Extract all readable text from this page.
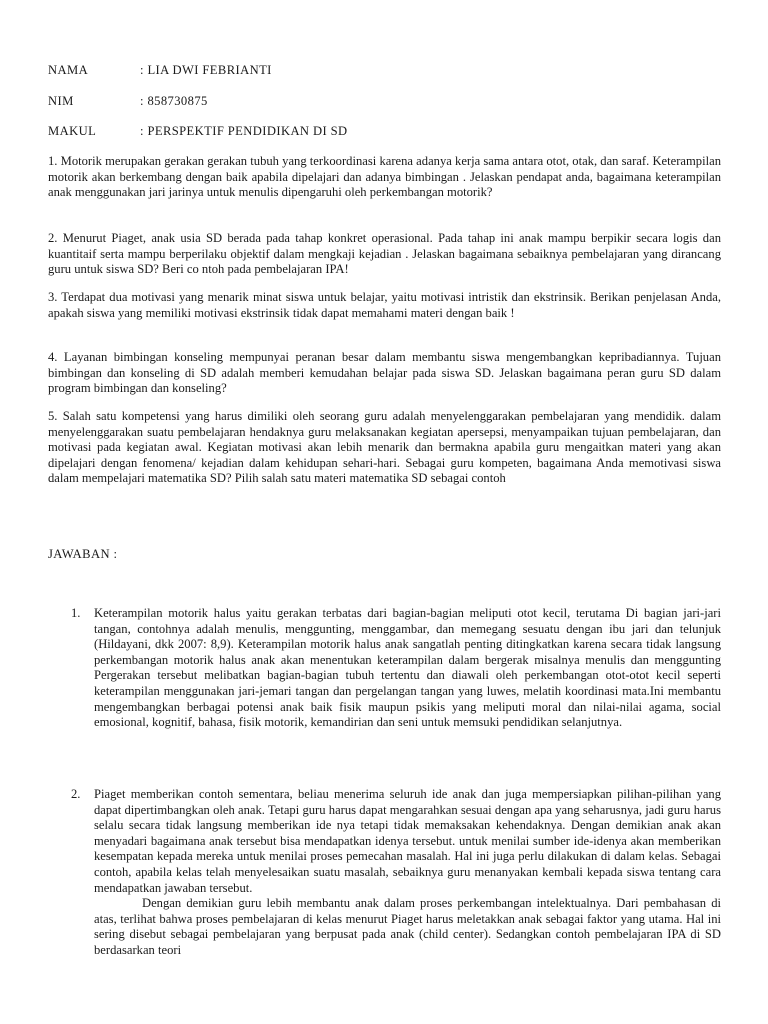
NAMA	: LIA DWI FEBRIANTI
NIM	: 858730875
MAKUL	: PERSPEKTIF PENDIDIKAN DI SD
1. Motorik merupakan gerakan gerakan tubuh yang terkoordinasi karena adanya kerja sama antara otot, otak, dan saraf. Keterampilan motorik akan berkembang dengan baik apabila dipelajari dan adanya bimbingan . Jelaskan pendapat anda, bagaimana keterampilan anak menggunakan jari jarinya untuk menulis dipengaruhi oleh perkembangan motorik?
2. Menurut Piaget, anak usia SD berada pada tahap konkret operasional. Pada tahap ini anak mampu berpikir secara logis dan kuantitaif serta mampu berperilaku objektif dalam mengkaji kejadian . Jelaskan bagaimana sebaiknya pembelajaran yang dirancang guru untuk siswa SD? Beri co ntoh pada pembelajaran IPA!
3. Terdapat dua motivasi yang menarik minat siswa untuk belajar, yaitu motivasi intristik dan ekstrinsik. Berikan penjelasan Anda, apakah siswa yang memiliki motivasi ekstrinsik tidak dapat memahami materi dengan baik !
4. Layanan bimbingan konseling mempunyai peranan besar dalam membantu siswa mengembangkan kepribadiannya. Tujuan bimbingan dan konseling di SD adalah memberi kemudahan belajar pada siswa SD. Jelaskan bagaimana peran guru SD dalam program bimbingan dan konseling?
5. Salah satu kompetensi yang harus dimiliki oleh seorang guru adalah menyelenggarakan pembelajaran yang mendidik. dalam menyelenggarakan suatu pembelajaran hendaknya guru melaksanakan kegiatan apersepsi, menyampaikan tujuan pembelajaran, dan motivasi pada kegiatan awal. Kegiatan motivasi akan lebih menarik dan bermakna apabila guru mengaitkan materi yang akan dipelajari dengan fenomena/ kejadian dalam kehidupan sehari-hari. Sebagai guru kompeten, bagaimana Anda memotivasi siswa dalam mempelajari matematika SD? Pilih salah satu materi matematika SD sebagai contoh
JAWABAN :
1. Keterampilan motorik halus yaitu gerakan terbatas dari bagian-bagian meliputi otot kecil, terutama Di bagian jari-jari tangan, contohnya adalah menulis, menggunting, menggambar, dan memegang sesuatu dengan ibu jari dan telunjuk (Hildayani, dkk 2007: 8,9). Keterampilan motorik halus anak sangatlah penting ditingkatkan karena secara tidak langsung perkembangan motorik halus anak akan menentukan keterampilan dalam bergerak misalnya menulis dan menggunting Pergerakan tersebut melibatkan bagian-bagian tubuh tertentu dan diawali oleh perkembangan otot-otot kecil seperti keterampilan menggunakan jari-jemari tangan dan pergelangan tangan yang luwes, melatih koordinasi mata.Ini membantu mengembangkan berbagai potensi anak baik fisik maupun psikis yang meliputi moral dan nilai-nilai agama, social emosional, kognitif, bahasa, fisik motorik, kemandirian dan seni untuk memsuki pendidikan selanjutnya.
2. Piaget memberikan contoh sementara, beliau menerima seluruh ide anak dan juga mempersiapkan pilihan-pilihan yang dapat dipertimbangkan oleh anak. Tetapi guru harus dapat mengarahkan sesuai dengan apa yang seharusnya, jadi guru harus selalu secara tidak langsung memberikan ide nya tetapi tidak memaksakan kehendaknya. Dengan demikian anak akan menyadari bagaimana anak tersebut bisa mendapatkan idenya tersebut. untuk menilai sumber ide-idenya akan memberikan kesempatan kepada mereka untuk menilai proses pemecahan masalah. Hal ini juga perlu dilakukan di dalam kelas. Sebagai contoh, apabila kelas telah menyelesaikan suatu masalah, sebaiknya guru menanyakan kembali kepada siswa tentang cara mendapatkan jawaban tersebut.
Dengan demikian guru lebih membantu anak dalam proses perkembangan intelektualnya. Dari pembahasan di atas, terlihat bahwa proses pembelajaran di kelas menurut Piaget harus meletakkan anak sebagai faktor yang utama. Hal ini sering disebut sebagai pembelajaran yang berpusat pada anak (child center). Sedangkan contoh pembelajaran IPA di SD berdasarkan teori
